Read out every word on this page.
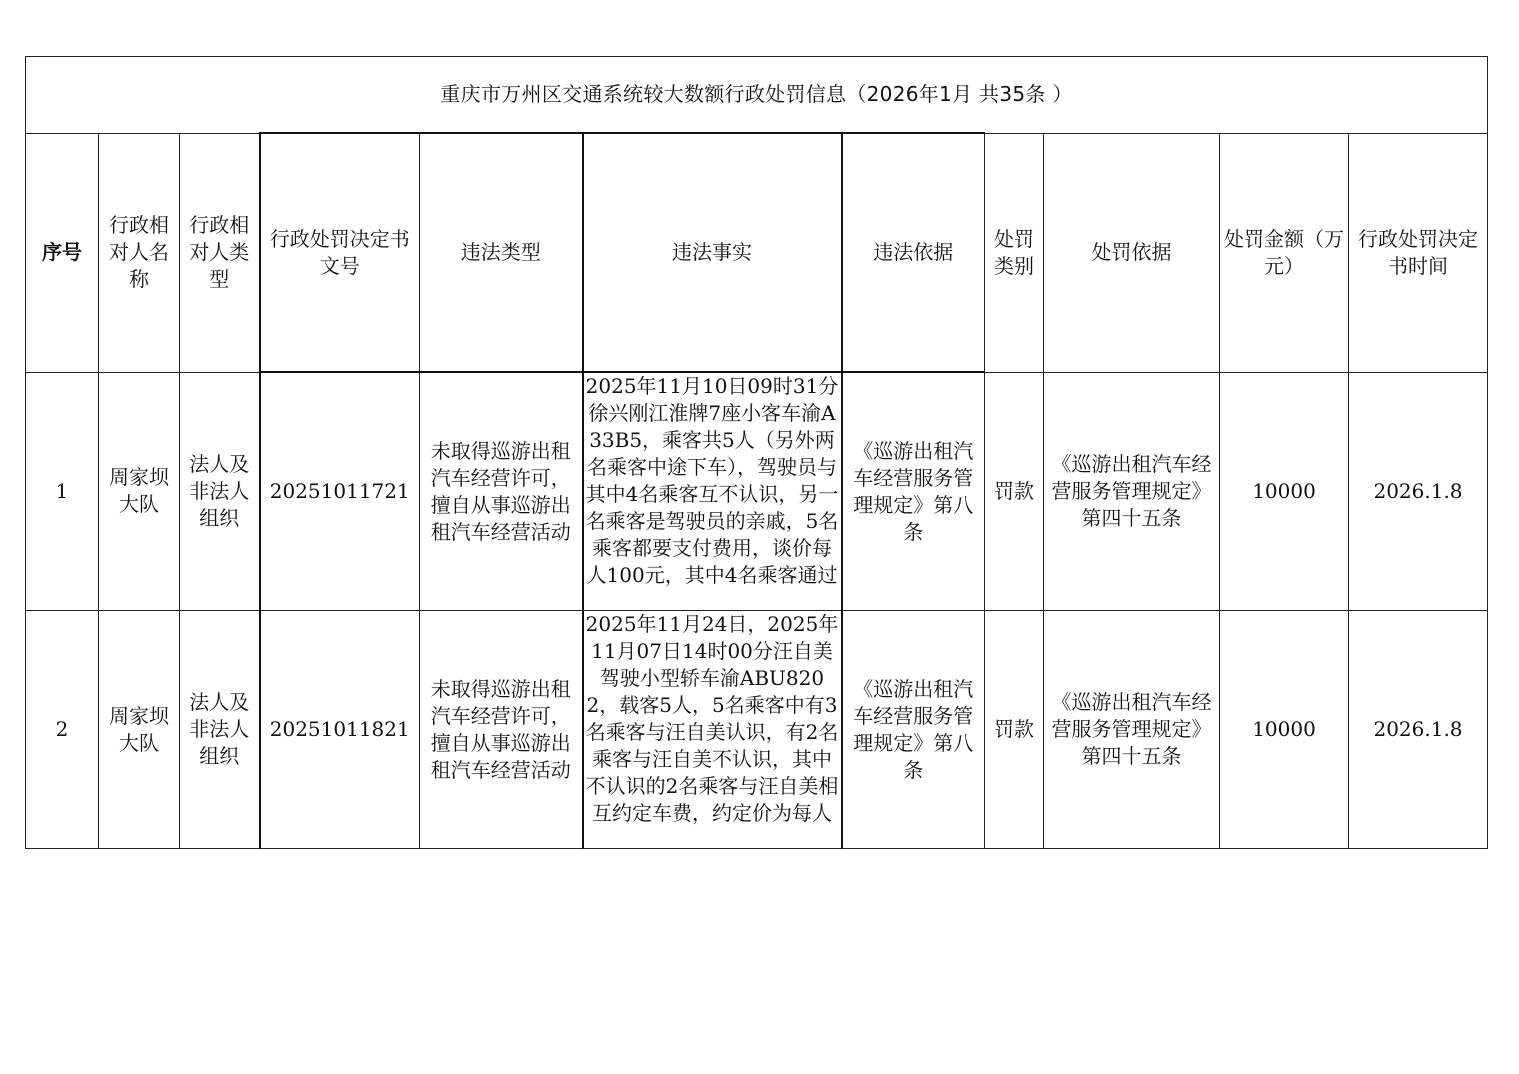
重庆市万州区交通系统较大数额行政处罚信息（2026年1月 共35条 ）										
序号	行政相对人名称	行政相对人类型	行政处罚决定书文号	违法类型	违法事实	违法依据	处罚类别	处罚依据	处罚金额（万元）	行政处罚决定书时间
1	周家坝大队	法人及非法人组织	20251011721	未取得巡游出租汽车经营许可，擅自从事巡游出租汽车经营活动	2025年11月10日09时31分徐兴刚江淮牌7座小客车渝A33B5，乘客共5人（另外两名乘客中途下车），驾驶员与其中4名乘客互不认识，另一名乘客是驾驶员的亲戚，5名乘客都要支付费用，谈价每人100元，其中4名乘客通过	《巡游出租汽车经营服务管理规定》第八条	罚款	《巡游出租汽车经营服务管理规定》第四十五条	10000	2026.1.8
2	周家坝大队	法人及非法人组织	20251011821	未取得巡游出租汽车经营许可，擅自从事巡游出租汽车经营活动	2025年11月24日，2025年11月07日14时00分汪自美驾驶小型轿车渝ABU8202，载客5人，5名乘客中有3名乘客与汪自美认识，有2名乘客与汪自美不认识，其中不认识的2名乘客与汪自美相互约定车费，约定价为每人	《巡游出租汽车经营服务管理规定》第八条	罚款	《巡游出租汽车经营服务管理规定》第四十五条	10000	2026.1.8
